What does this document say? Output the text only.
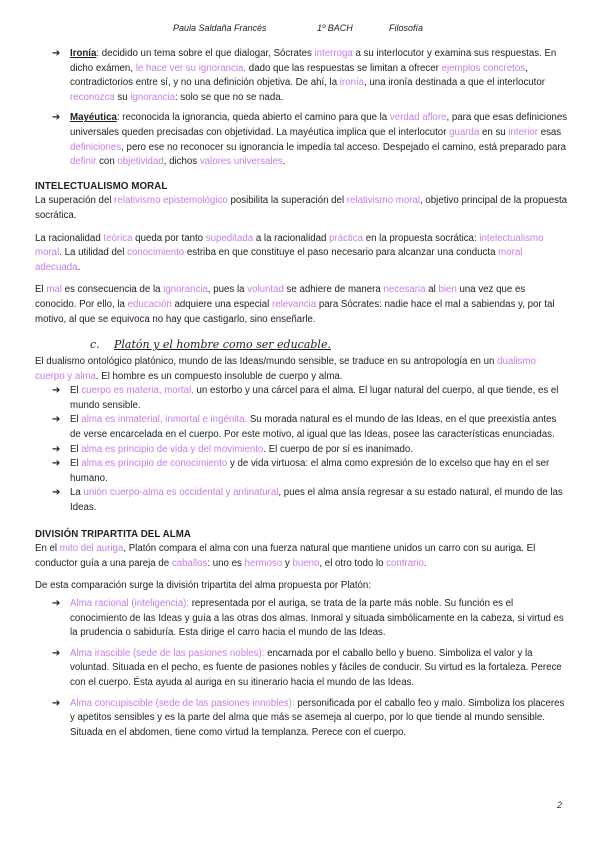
Paula Saldaña Francés	1º BACH	Filosofía
➔
Ironía: decidido un tema sobre el que dialogar, Sócrates interroga a su interlocutor y examina sus respuestas. En dicho exámen, le hace ver su ignorancia, dado que las respuestas se limitan a ofrecer ejemplos concretos, contradictorios entre sí, y no una definición objetiva. De ahí, la ironía, una ironía destinada a que el interlocutor reconozca su ignorancia: solo se que no se nada.
➔
Mayéutica: reconocida la ignorancia, queda abierto el camino para que la verdad aflore, para que esas definiciones universales queden precisadas con objetividad. La mayéutica implica que el interlocutor guarda en su interior esas definiciones, pero ese no reconocer su ignorancia le impedía tal acceso. Despejado el camino, está preparado para definir con objetividad, dichos valores universales.
INTELECTUALISMO MORAL

La superación del relativismo epistemológico posibilita la superación del relativismo moral, objetivo principal de la propuesta socrática.

La racionalidad teórica queda por tanto supeditada a la racionalidad práctica en la propuesta socrática: intelectualismo moral. La utilidad del conocimiento estriba en que constituye el paso necesario para alcanzar una conducta moral adecuada.

El mal es consecuencia de la ignorancia, pues la voluntad se adhiere de manera necesaria al bien una vez que es conocido. Por ello, la educación adquiere una especial relevancia para Sócrates: nadie hace el mal a sabiendas y, por tal motivo, al que se equivoca no hay que castigarlo, sino enseñarle.

c. Platón y el hombre como ser educable.

El dualismo ontológico platónico, mundo de las Ideas/mundo sensible, se traduce en su antropología en un dualismo cuerpo y alma. El hombre es un compuesto insoluble de cuerpo y alma.

➔
El cuerpo es materia, mortal, un estorbo y una cárcel para el alma. El lugar natural del cuerpo, al que tiende, es el mundo sensible.
➔
El alma es inmaterial, inmortal e ingénita. Su morada natural es el mundo de las Ideas, en el que preexistía antes de verse encarcelada en el cuerpo. Por este motivo, al igual que las Ideas, posee las características enunciadas.
➔
El alma es principio de vida y del movimiento. El cuerpo de por sí es inanimado.
➔
El alma es principio de conocimiento y de vida virtuosa: el alma como expresión de lo excelso que hay en el ser humano.
➔
La unión cuerpo-alma es occidental y antinatural, pues el alma ansía regresar a su estado natural, el mundo de las Ideas.
DIVISIÓN TRIPARTITA DEL ALMA

En el mito del auriga, Platón compara el alma con una fuerza natural que mantiene unidos un carro con su auriga. El conductor guía a una pareja de caballos: uno es hermoso y bueno, el otro todo lo contrario.

De esta comparación surge la división tripartita del alma propuesta por Platón:

➔
Alma racional (inteligencia): representada por el auriga, se trata de la parte más noble. Su función es el conocimiento de las Ideas y guía a las otras dos almas. Inmoral y situada simbólicamente en la cabeza, si virtud es la prudencia o sabiduría. Esta dirige el carro hacia el mundo de las Ideas.
➔
Alma irascible (sede de las pasiones nobles): encarnada por el caballo bello y bueno. Simboliza el valor y la voluntad. Situada en el pecho, es fuente de pasiones nobles y fáciles de conducir. Su virtud es la fortaleza. Perece con el cuerpo. Ésta ayuda al auriga en su itinerario hacia el mundo de las Ideas.
➔
Alma concupiscible (sede de las pasiones innobles): personificada por el caballo feo y malo. Simboliza los placeres y apetitos sensibles y es la parte del alma que más se asemeja al cuerpo, por lo que tiende al mundo sensible. Situada en el abdomen, tiene como virtud la templanza. Perece con el cuerpo.
2
